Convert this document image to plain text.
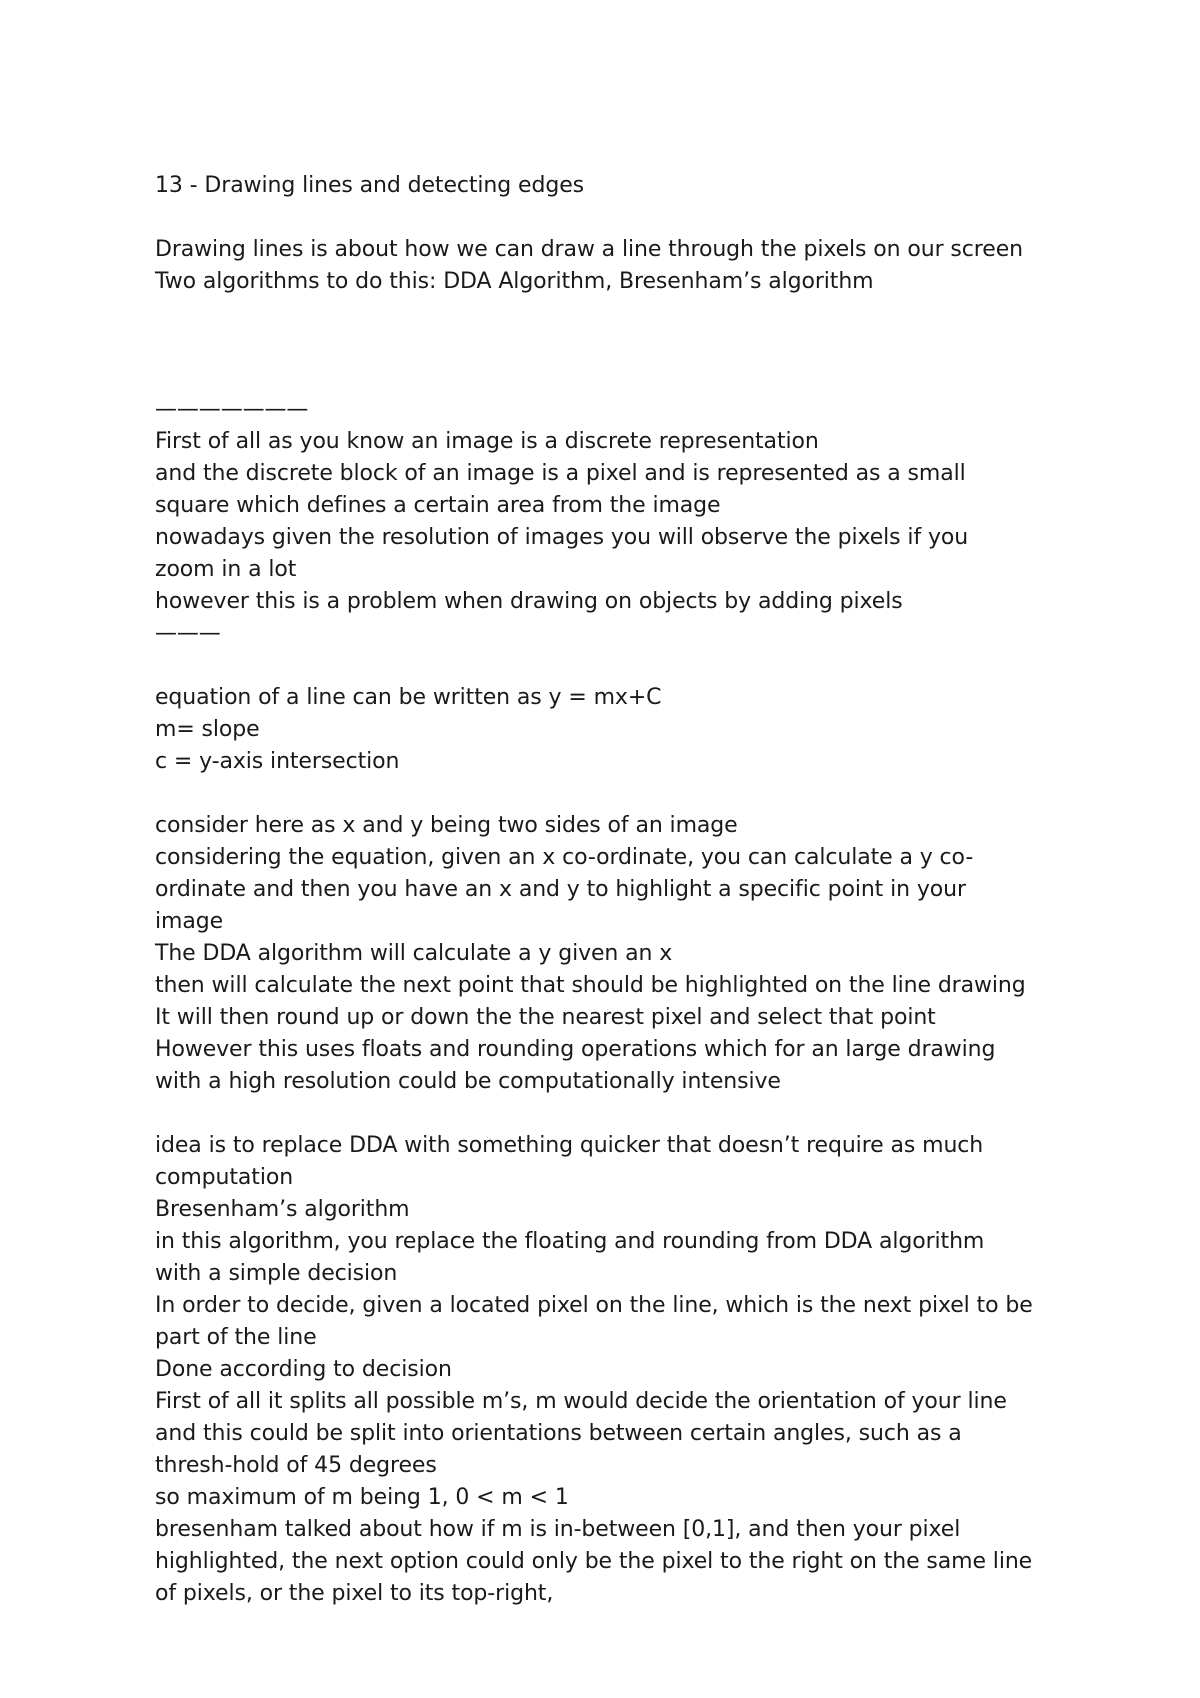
13 - Drawing lines and detecting edges

Drawing lines is about how we can draw a line through the pixels on our screen

Two algorithms to do this: DDA Algorithm, Bresenham’s algorithm

———————

First of all as you know an image is a discrete representation

and the discrete block of an image is a pixel and is represented as a small

square which defines a certain area from the image

nowadays given the resolution of images you will observe the pixels if you

zoom in a lot

however this is a problem when drawing on objects by adding pixels

———

equation of a line can be written as y = mx+C

m= slope

c = y-axis intersection

consider here as x and y being two sides of an image

considering the equation, given an x co-ordinate, you can calculate a y co-

ordinate and then you have an x and y to highlight a specific point in your

image

The DDA algorithm will calculate a y given an x

then will calculate the next point that should be highlighted on the line drawing

It will then round up or down the the nearest pixel and select that point

However this uses floats and rounding operations which for an large drawing

with a high resolution could be computationally intensive

idea is to replace DDA with something quicker that doesn’t require as much

computation

Bresenham’s algorithm

in this algorithm, you replace the floating and rounding from DDA algorithm

with a simple decision

In order to decide, given a located pixel on the line, which is the next pixel to be

part of the line

Done according to decision

First of all it splits all possible m’s, m would decide the orientation of your line

and this could be split into orientations between certain angles, such as a

thresh-hold of 45 degrees

so maximum of m being 1, 0 < m < 1

bresenham talked about how if m is in-between [0,1], and then your pixel

highlighted, the next option could only be the pixel to the right on the same line

of pixels, or the pixel to its top-right,
